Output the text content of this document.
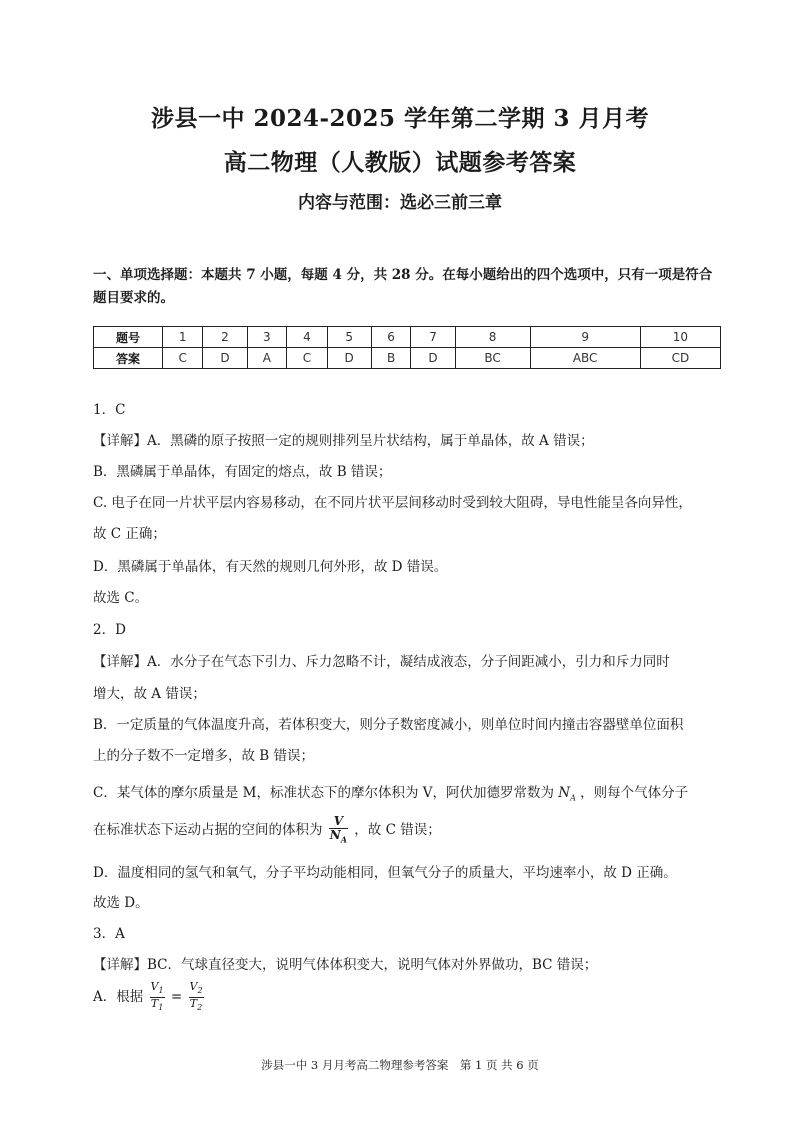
涉县一中 2024-2025 学年第二学期 3 月月考
高二物理（人教版）试题参考答案
内容与范围：选必三前三章
一、单项选择题：本题共 7 小题，每题 4 分，共 28 分。在每小题给出的四个选项中，只有一项是符合题目要求的。
题号	1	2	3	4	5	6	7	8	9	10
答案	C	D	A	C	D	B	D	BC	ABC	CD
1．C
【详解】A．黑磷的原子按照一定的规则排列呈片状结构，属于单晶体，故 A 错误；
B．黑磷属于单晶体，有固定的熔点，故 B 错误；
C. 电子在同一片状平层内容易移动，在不同片状平层间移动时受到较大阻碍，导电性能呈各向异性，
故 C 正确；
D．黑磷属于单晶体，有天然的规则几何外形，故 D 错误。
故选 C。
2．D
【详解】A．水分子在气态下引力、斥力忽略不计，凝结成液态，分子间距减小，引力和斥力同时
增大，故 A 错误；
B．一定质量的气体温度升高，若体积变大，则分子数密度减小，则单位时间内撞击容器壁单位面积
上的分子数不一定增多，故 B 错误；
C．某气体的摩尔质量是 M，标准状态下的摩尔体积为 V，阿伏加德罗常数为 $N_A$ ，则每个气体分子
在标准状态下运动占据的空间的体积为 $\frac{V}{N_A}$ ，故 C 错误；
D．温度相同的氢气和氧气，分子平均动能相同，但氧气分子的质量大，平均速率小，故 D 正确。
故选 D。
3．A
【详解】BC．气球直径变大，说明气体体积变大，说明气体对外界做功，BC 错误；
A．根据 $\frac{V_1}{T_1} = \frac{V_2}{T_2}$
涉县一中 3 月月考高二物理参考答案　第 1 页 共 6 页
